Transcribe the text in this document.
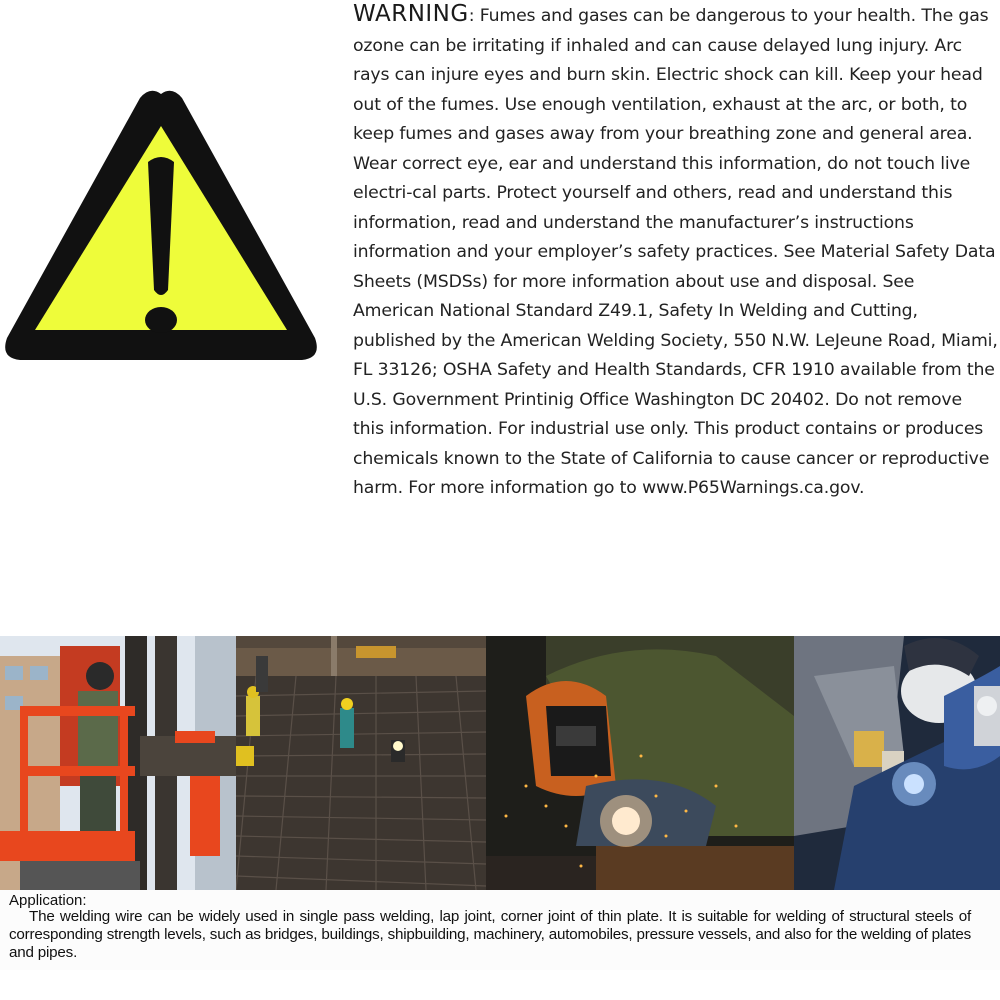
WARNING: Fumes and gases can be dangerous to your health. The gas ozone can be irritating if inhaled and can cause delayed lung injury. Arc rays can injure eyes and burn skin. Electric shock can kill. Keep your head out of the fumes. Use enough ventilation, exhaust at the arc, or both, to keep fumes and gases away from your breathing zone and general area. Wear correct eye, ear and understand this information, do not touch live electri-cal parts. Protect yourself and others, read and understand this information, read and understand the manufacturer’s instructions information and your employer’s safety practices. See Material Safety Data Sheets (MSDSs) for more information about use and disposal. See American National Standard Z49.1, Safety In Welding and Cutting, published by the American Welding Society, 550 N.W. LeJeune Road, Miami, FL 33126; OSHA Safety and Health Standards, CFR 1910 available from the U.S. Government Printinig Office Washington DC 20402. Do not remove this information. For industrial use only. This product contains or produces chemicals known to the State of California to cause cancer or reproductive harm. For more information go to www.P65Warnings.ca.gov.

Application:

The welding wire can be widely used in single pass welding, lap joint, corner joint of thin plate. It is suitable for welding of structural steels of corresponding strength levels, such as bridges, buildings, shipbuilding, machinery, automobiles, pressure vessels, and also for the welding of plates and pipes.
